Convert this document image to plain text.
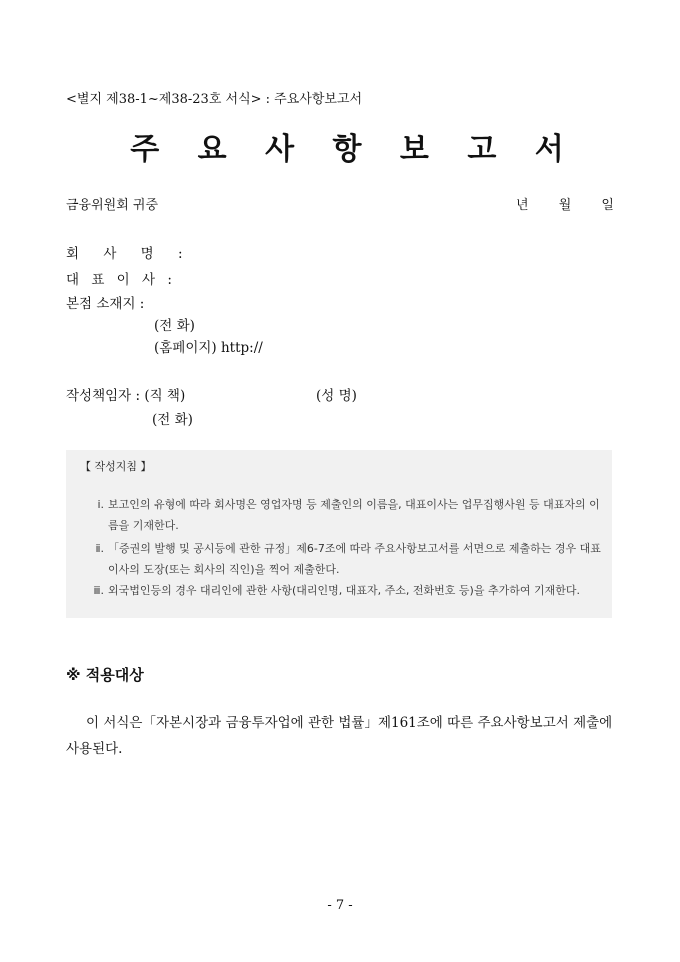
<별지 제38-1~제38-23호 서식> : 주요사항보고서
주 요 사 항 보 고 서
금융위원회 귀중	년 월 일
회 사 명 :
대 표 이 사 :
본점 소재지 :
(전 화)
(홈페이지) http://
작성책임자 : (직 책)	(성 명)
(전 화)
【 작성지침 】
ⅰ. 보고인의 유형에 따라 회사명은 영업자명 등 제출인의 이름을, 대표이사는 업무집행사원 등 대표자의 이름을 기재한다.
ⅱ. 「증권의 발행 및 공시등에 관한 규정」제6-7조에 따라 주요사항보고서를 서면으로 제출하는 경우 대표이사의 도장(또는 회사의 직인)을 찍어 제출한다.
ⅲ. 외국법인등의 경우 대리인에 관한 사항(대리인명, 대표자, 주소, 전화번호 등)을 추가하여 기재한다.
※ 적용대상
이 서식은「자본시장과 금융투자업에 관한 법률」제161조에 따른 주요사항보고서 제출에 사용된다.
- 7 -
